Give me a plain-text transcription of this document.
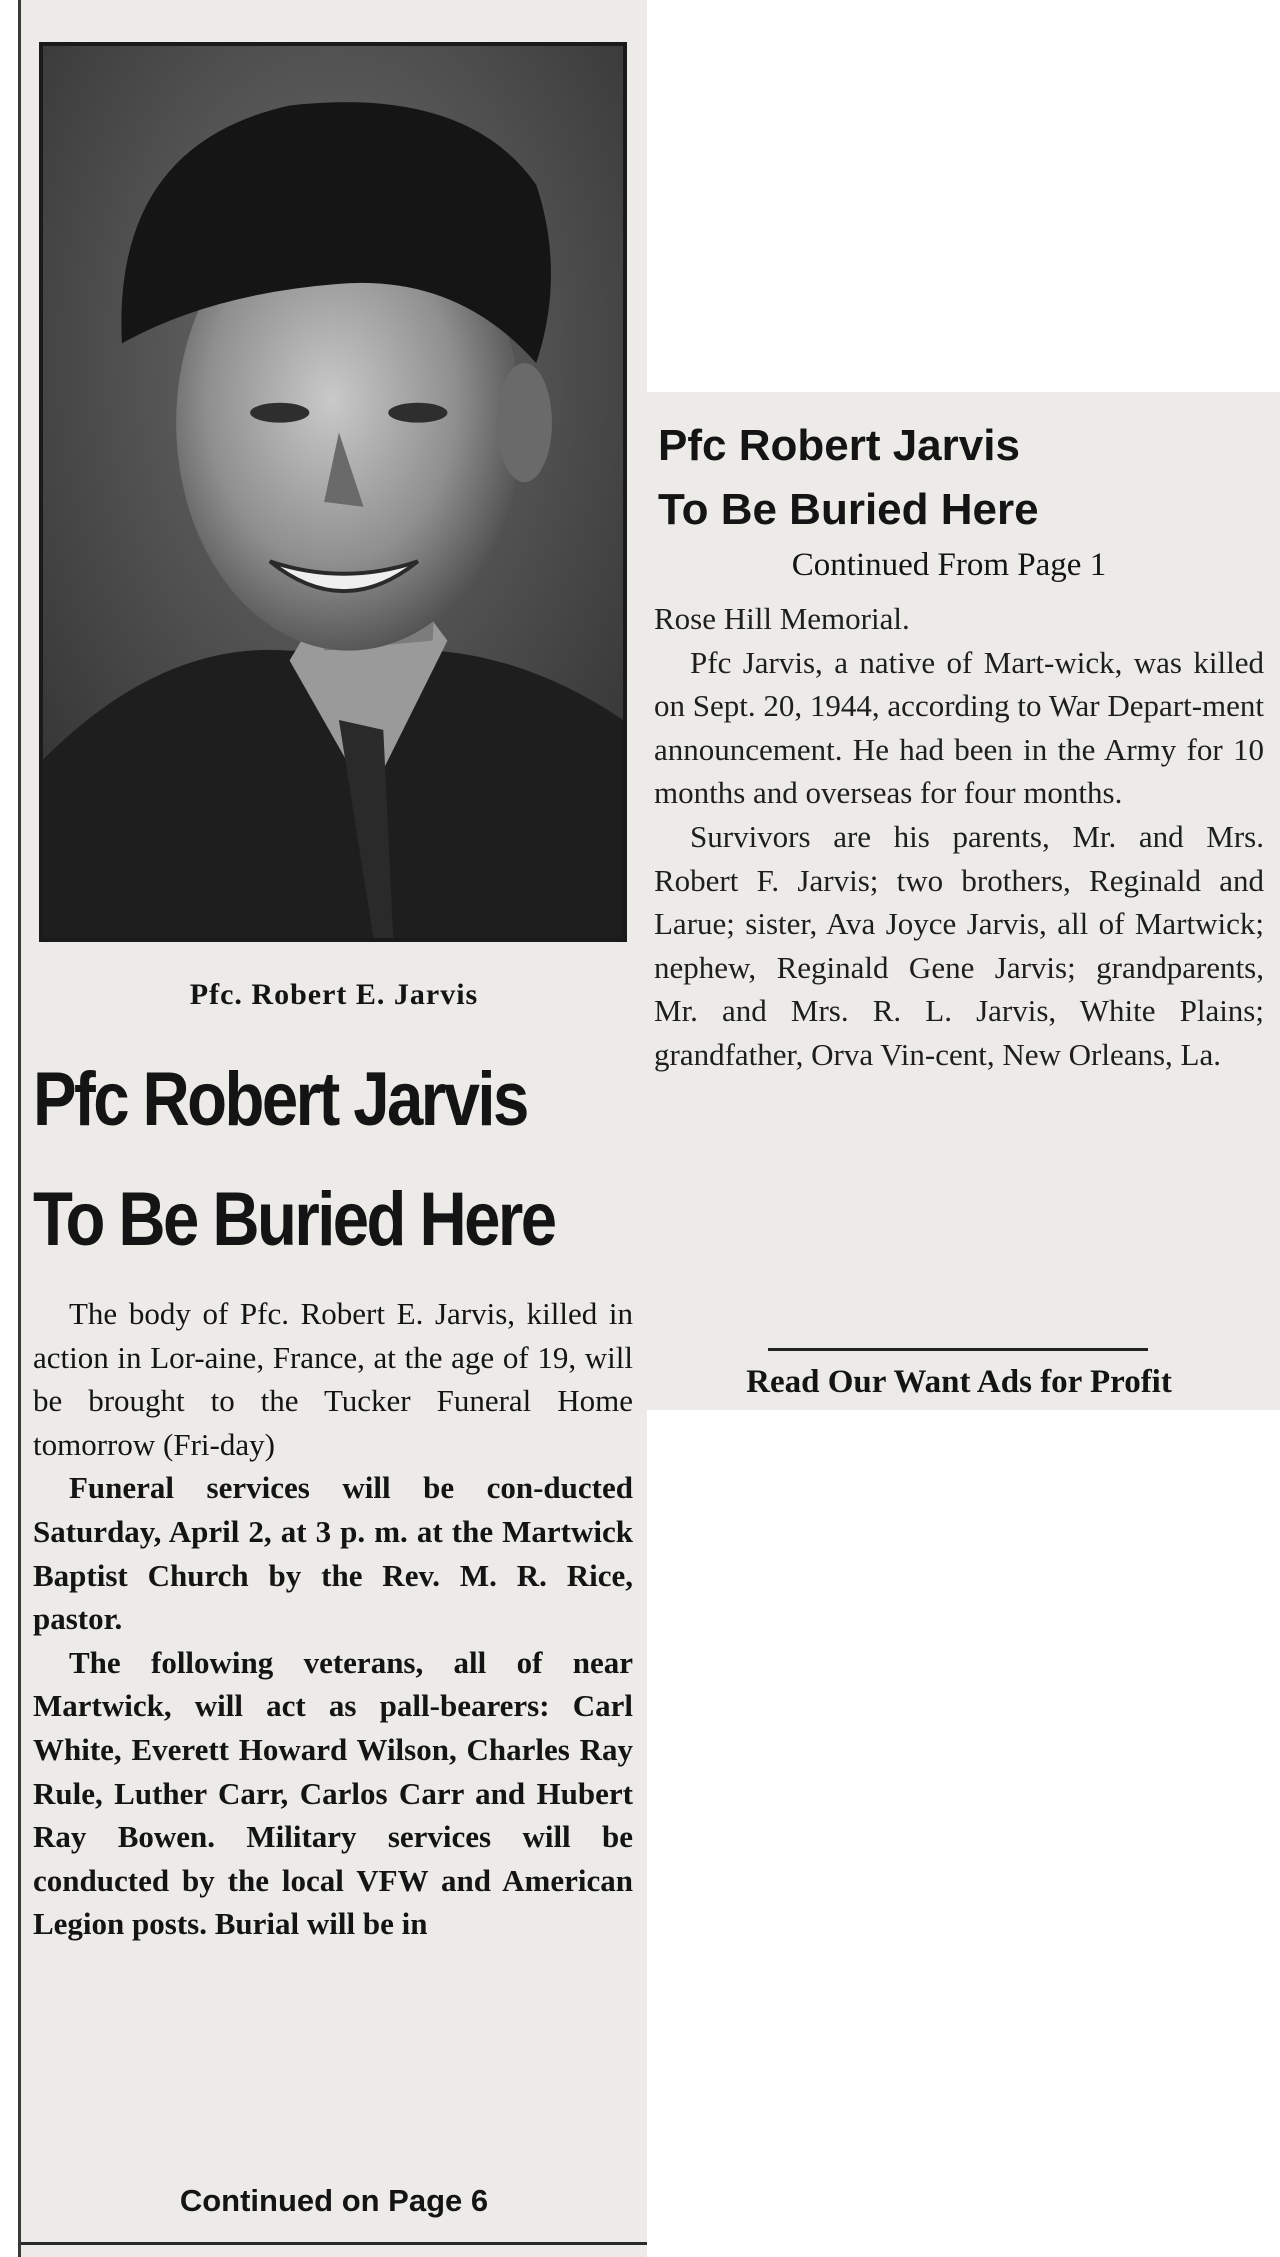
Pfc. Robert E. Jarvis
Pfc Robert Jarvis
To Be Buried Here

The body of Pfc. Robert E. Jarvis, killed in action in Lor-aine, France, at the age of 19, will be brought to the Tucker Funeral Home tomorrow (Fri-day)

Funeral services will be con-ducted Saturday, April 2, at 3 p. m. at the Martwick Baptist Church by the Rev. M. R. Rice, pastor.

The following veterans, all of near Martwick, will act as pall-bearers: Carl White, Everett Howard Wilson, Charles Ray Rule, Luther Carr, Carlos Carr and Hubert Ray Bowen. Military services will be conducted by the local VFW and American Legion posts. Burial will be in

Continued on Page 6
Pfc Robert Jarvis
To Be Buried Here
Continued From Page 1

Rose Hill Memorial.

Pfc Jarvis, a native of Mart-wick, was killed on Sept. 20, 1944, according to War Depart-ment announcement. He had been in the Army for 10 months and overseas for four months.

Survivors are his parents, Mr. and Mrs. Robert F. Jarvis; two brothers, Reginald and Larue; sister, Ava Joyce Jarvis, all of Martwick; nephew, Reginald Gene Jarvis; grandparents, Mr. and Mrs. R. L. Jarvis, White Plains; grandfather, Orva Vin-cent, New Orleans, La.

Read Our Want Ads for Profit
